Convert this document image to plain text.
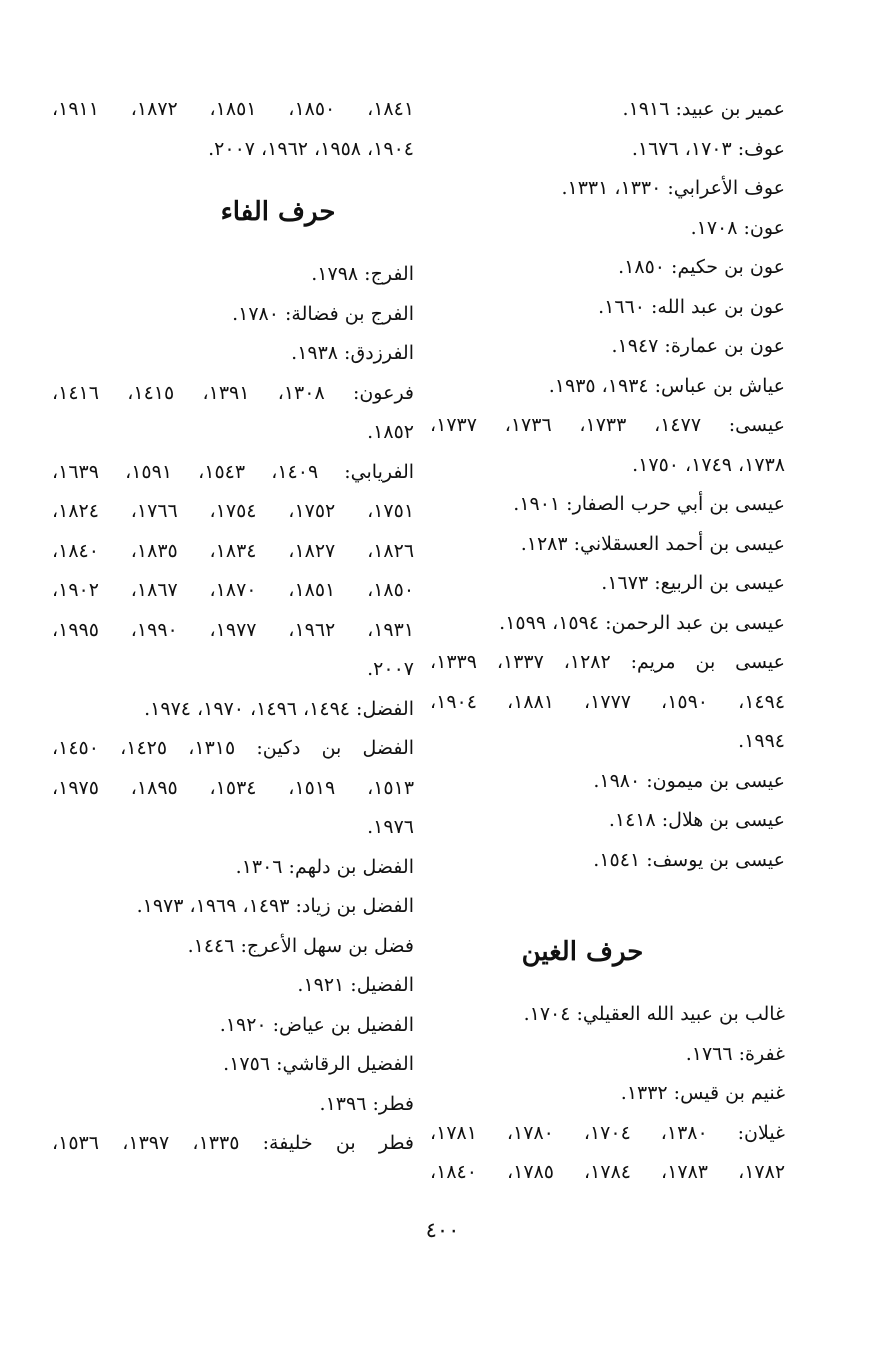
عمير بن عبيد: ١٩١٦.
عوف: ١٧٠٣، ١٦٧٦.
عوف الأعرابي: ١٣٣٠، ١٣٣١.
عون: ١٧٠٨.
عون بن حكيم: ١٨٥٠.
عون بن عبد الله: ١٦٦٠.
عون بن عمارة: ١٩٤٧.
عياش بن عباس: ١٩٣٤، ١٩٣٥.
عيسى: ١٤٧٧، ١٧٣٣، ١٧٣٦، ١٧٣٧،
١٧٣٨، ١٧٤٩، ١٧٥٠.
عيسى بن أبي حرب الصفار: ١٩٠١.
عيسى بن أحمد العسقلاني: ١٢٨٣.
عيسى بن الربيع: ١٦٧٣.
عيسى بن عبد الرحمن: ١٥٩٤، ١٥٩٩.
عيسى بن مريم: ١٢٨٢، ١٣٣٧، ١٣٣٩،
١٤٩٤، ١٥٩٠، ١٧٧٧، ١٨٨١، ١٩٠٤،
١٩٩٤.
عيسى بن ميمون: ١٩٨٠.
عيسى بن هلال: ١٤١٨.
عيسى بن يوسف: ١٥٤١.
حرف الغين
غالب بن عبيد الله العقيلي: ١٧٠٤.
غفرة: ١٧٦٦.
غنيم بن قيس: ١٣٣٢.
غيلان: ١٣٨٠، ١٧٠٤، ١٧٨٠، ١٧٨١،
١٧٨٢، ١٧٨٣، ١٧٨٤، ١٧٨٥، ١٨٤٠،
١٨٤١، ١٨٥٠، ١٨٥١، ١٨٧٢، ١٩١١،
١٩٠٤، ١٩٥٨، ١٩٦٢، ٢٠٠٧.
حرف الفاء
الفرج: ١٧٩٨.
الفرج بن فضالة: ١٧٨٠.
الفرزدق: ١٩٣٨.
فرعون: ١٣٠٨، ١٣٩١، ١٤١٥، ١٤١٦،
١٨٥٢.
الفريابي: ١٤٠٩، ١٥٤٣، ١٥٩١، ١٦٣٩،
١٧٥١، ١٧٥٢، ١٧٥٤، ١٧٦٦، ١٨٢٤،
١٨٢٦، ١٨٢٧، ١٨٣٤، ١٨٣٥، ١٨٤٠،
١٨٥٠، ١٨٥١، ١٨٧٠، ١٨٦٧، ١٩٠٢،
١٩٣١، ١٩٦٢، ١٩٧٧، ١٩٩٠، ١٩٩٥،
٢٠٠٧.
الفضل: ١٤٩٤، ١٤٩٦، ١٩٧٠، ١٩٧٤.
الفضل بن دكين: ١٣١٥، ١٤٢٥، ١٤٥٠،
١٥١٣، ١٥١٩، ١٥٣٤، ١٨٩٥، ١٩٧٥،
١٩٧٦.
الفضل بن دلهم: ١٣٠٦.
الفضل بن زياد: ١٤٩٣، ١٩٦٩، ١٩٧٣.
فضل بن سهل الأعرج: ١٤٤٦.
الفضيل: ١٩٢١.
الفضيل بن عياض: ١٩٢٠.
الفضيل الرقاشي: ١٧٥٦.
فطر: ١٣٩٦.
فطر بن خليفة: ١٣٣٥، ١٣٩٧، ١٥٣٦،
٤٠٠
